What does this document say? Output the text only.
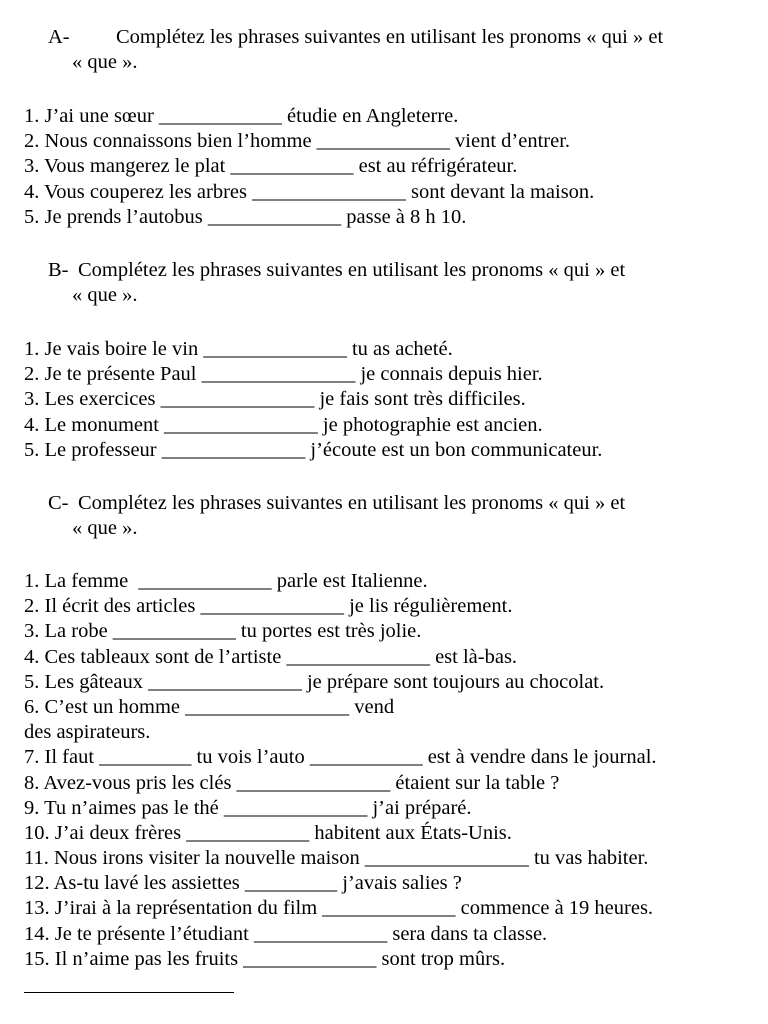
A- Complétez les phrases suivantes en utilisant les pronoms « qui » et
« que ».
1. J’ai une sœur ____________ étudie en Angleterre.
2. Nous connaissons bien l’homme _____________ vient d’entrer.
3. Vous mangerez le plat ____________ est au réfrigérateur.
4. Vous couperez les arbres _______________ sont devant la maison.
5. Je prends l’autobus _____________ passe à 8 h 10.
B- Complétez les phrases suivantes en utilisant les pronoms « qui » et
« que ».
1. Je vais boire le vin ______________ tu as acheté.
2. Je te présente Paul _______________ je connais depuis hier.
3. Les exercices _______________ je fais sont très difficiles.
4. Le monument _______________ je photographie est ancien.
5. Le professeur ______________ j’écoute est un bon communicateur.
C- Complétez les phrases suivantes en utilisant les pronoms « qui » et
« que ».
1. La femme  _____________ parle est Italienne.
2. Il écrit des articles ______________ je lis régulièrement.
3. La robe ____________ tu portes est très jolie.
4. Ces tableaux sont de l’artiste ______________ est là-bas.
5. Les gâteaux _______________ je prépare sont toujours au chocolat.
6. C’est un homme ________________ vend
des aspirateurs.
7. Il faut _________ tu vois l’auto ___________ est à vendre dans le journal.
8. Avez-vous pris les clés _______________ étaient sur la table ?
9. Tu n’aimes pas le thé ______________ j’ai préparé.
10. J’ai deux frères ____________ habitent aux États-Unis.
11. Nous irons visiter la nouvelle maison ________________ tu vas habiter.
12. As-tu lavé les assiettes _________ j’avais salies ?
13. J’irai à la représentation du film _____________ commence à 19 heures.
14. Je te présente l’étudiant _____________ sera dans ta classe.
15. Il n’aime pas les fruits _____________ sont trop mûrs.
